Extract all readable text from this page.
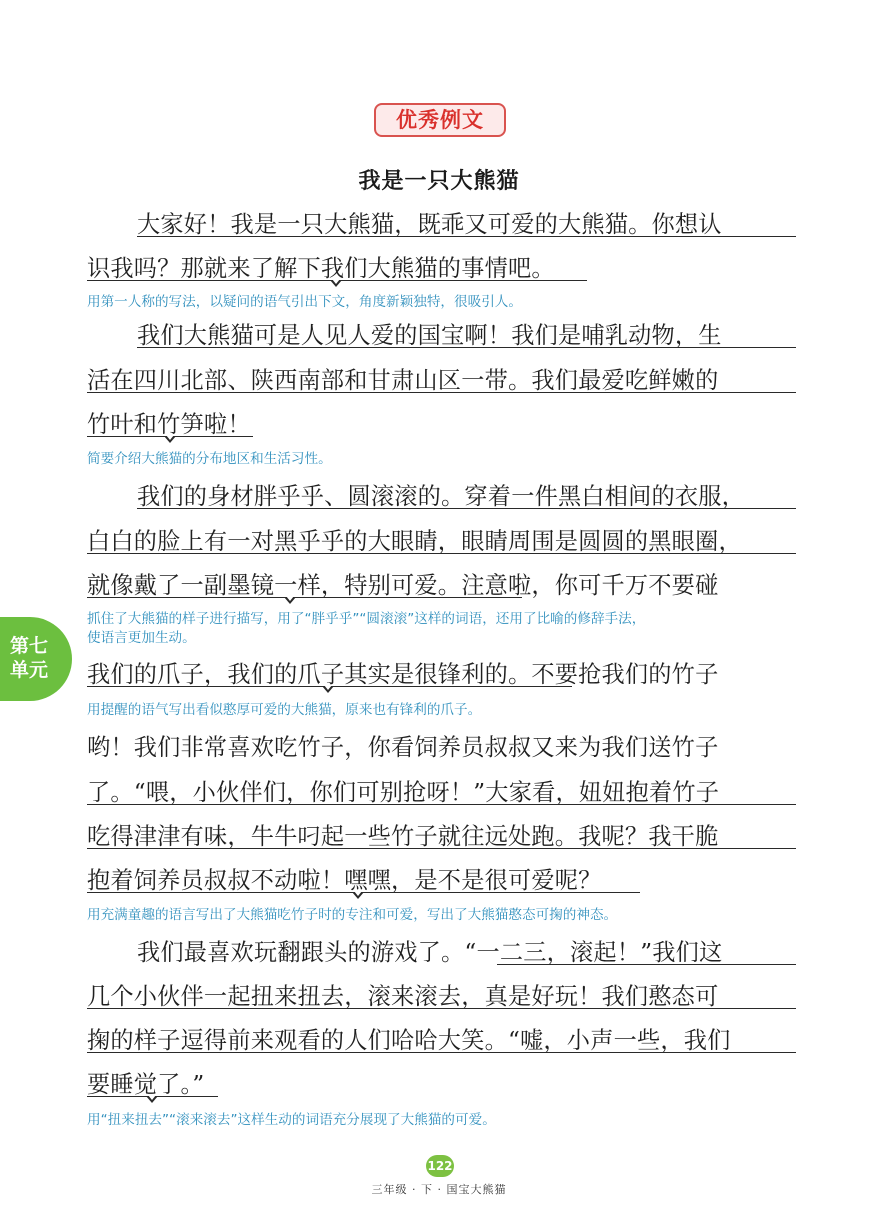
优秀例文
我是一只大熊猫
大家好！我是一只大熊猫，既乖又可爱的大熊猫。你想认
识我吗？那就来了解下我们大熊猫的事情吧。
用第一人称的写法，以疑问的语气引出下文，角度新颖独特，很吸引人。
我们大熊猫可是人见人爱的国宝啊！我们是哺乳动物，生
活在四川北部、陕西南部和甘肃山区一带。我们最爱吃鲜嫩的
竹叶和竹笋啦！
简要介绍大熊猫的分布地区和生活习性。
我们的身材胖乎乎、圆滚滚的。穿着一件黑白相间的衣服，
白白的脸上有一对黑乎乎的大眼睛，眼睛周围是圆圆的黑眼圈，
就像戴了一副墨镜一样，特别可爱。注意啦，你可千万不要碰
抓住了大熊猫的样子进行描写，用了“胖乎乎”“圆滚滚”这样的词语，还用了比喻的修辞手法，
使语言更加生动。
第七
单元	我们的爪子，我们的爪子其实是很锋利的。不要抢我们的竹子
用提醒的语气写出看似憨厚可爱的大熊猫，原来也有锋利的爪子。
哟！我们非常喜欢吃竹子，你看饲养员叔叔又来为我们送竹子
了。“喂，小伙伴们，你们可别抢呀！”大家看，妞妞抱着竹子
吃得津津有味，牛牛叼起一些竹子就往远处跑。我呢？我干脆
抱着饲养员叔叔不动啦！嘿嘿，是不是很可爱呢？
用充满童趣的语言写出了大熊猫吃竹子时的专注和可爱，写出了大熊猫憨态可掬的神态。
我们最喜欢玩翻跟头的游戏了。“一二三，滚起！”我们这
几个小伙伴一起扭来扭去，滚来滚去，真是好玩！我们憨态可
掬的样子逗得前来观看的人们哈哈大笑。“嘘，小声一些，我们
要睡觉了。”
用“扭来扭去”“滚来滚去”这样生动的词语充分展现了大熊猫的可爱。
122
三年级 · 下 · 国宝大熊猫
